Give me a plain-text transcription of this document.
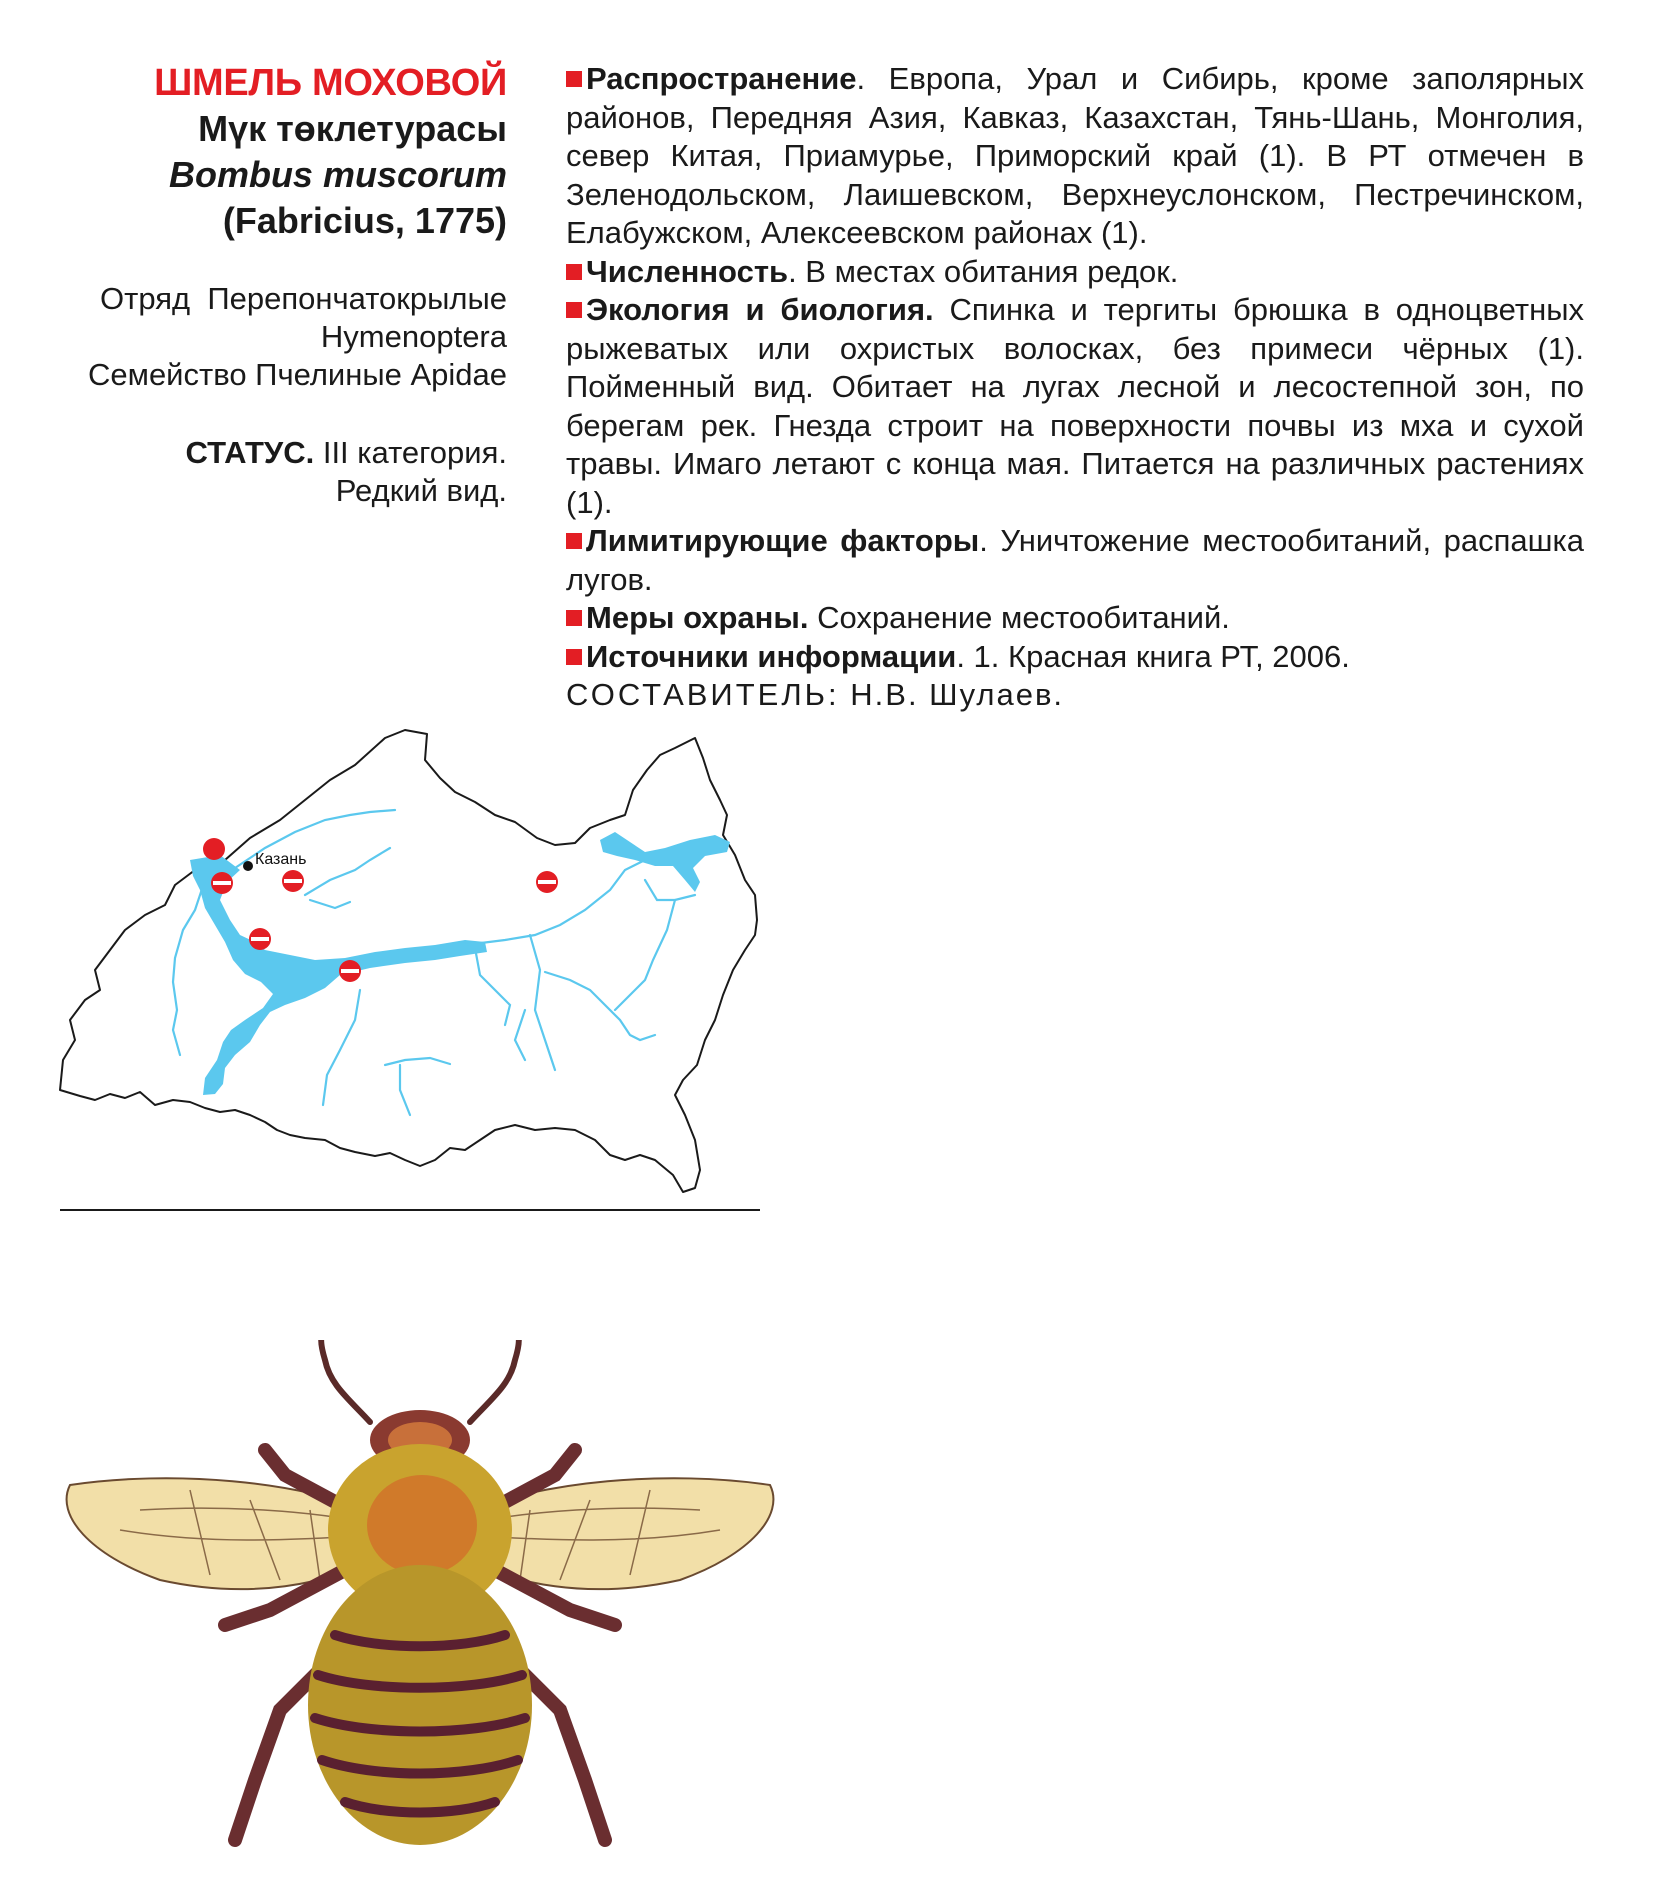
ШМЕЛЬ МОХОВОЙ
Мүк төклетурасы
Bombus muscorum
(Fabricius, 1775)
Отряд Перепончатокрылые
Hymenoptera
Семейство Пчелиные Apidae
СТАТУС. III категория.
Редкий вид.

Распространение. Европа, Урал и Сибирь, кроме заполярных районов, Передняя Азия, Кавказ, Казахстан, Тянь-Шань, Монголия, север Китая, Приамурье, Приморский край (1). В РТ отмечен в Зеленодольском, Лаишевском, Верхнеуслонском, Пестречинском, Елабужском, Алексеевском районах (1).

Численность. В местах обитания редок.

Экология и биология. Спинка и тергиты брюшка в одноцветных рыжеватых или охристых волосках, без примеси чёрных (1). Пойменный вид. Обитает на лугах лесной и лесостепной зон, по берегам рек. Гнезда строит на поверхности почвы из мха и сухой травы. Имаго летают с конца мая. Питается на различных растениях (1).

Лимитирующие факторы. Уничтожение местообитаний, распашка лугов.

Меры охраны. Сохранение местообитаний.

Источники информации. 1. Красная книга РТ, 2006.

СОСТАВИТЕЛЬ: Н.В. Шулаев.

Казань
